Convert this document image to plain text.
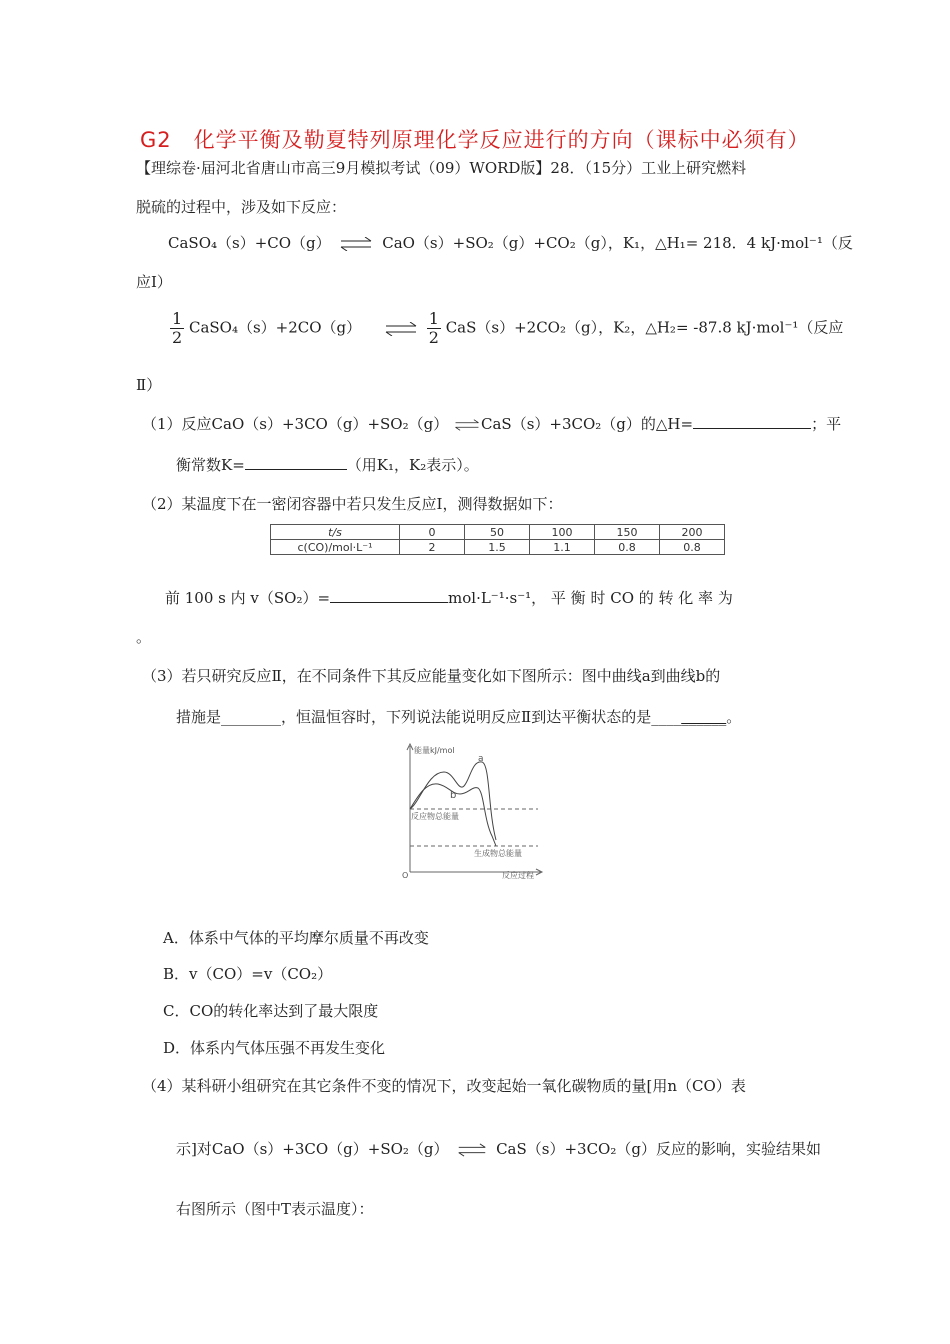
G2　化学平衡及勒夏特列原理化学反应进行的方向（课标中必须有）
【理综卷·届河北省唐山市高三9月模拟考试（09）WORD版】28．（15分）工业上研究燃料
脱硫的过程中，涉及如下反应：
CaSO₄（s）+CO（g） ⇌ CaO（s）+SO₂（g）+CO₂（g），K₁，△H₁= 218．4 kJ·mol⁻¹（反
应Ⅰ）
$\frac{1}{2}$ CaSO₄（s）+2CO（g）	$\frac{1}{2} CaS(s)+2CO_2(g)$，K₂，△H₂= -87.8 kJ·mol⁻¹（反应
Ⅱ）
（1）反应CaO（s）+3CO（g）+SO₂（g） ⇌CaS（s）+3CO₂（g）的△H=	；平
衡常数K=	（用K₁，K₂表示）。
（2）某温度下在一密闭容器中若只发生反应Ⅰ，测得数据如下：
t/s	0	50	100	150	200
c(CO)/mol·L⁻¹	2	1.5	1.1	0.8	0.8
前 100 s 内 v（SO₂）=	mol·L⁻¹·s⁻¹， 平 衡 时 CO 的 转 化 率 为
。
（3）若只研究反应Ⅱ，在不同条件下其反应能量变化如下图所示：图中曲线a到曲线b的
措施是________，恒温恒容时，下列说法能说明反应Ⅱ到达平衡状态的是__________。
能量kJ/mol
a
b
反应物总能量
生成物总能量
O	反应过程
A．体系中气体的平均摩尔质量不再改变
B．v（CO）=v（CO₂）
C．CO的转化率达到了最大限度
D．体系内气体压强不再发生变化
（4）某科研小组研究在其它条件不变的情况下，改变起始一氧化碳物质的量[用n（CO）表
示]对CaO（s）+3CO（g）+SO₂（g） ⇌ CaS（s）+3CO₂（g）反应的影响，实验结果如
右图所示（图中T表示温度）：
